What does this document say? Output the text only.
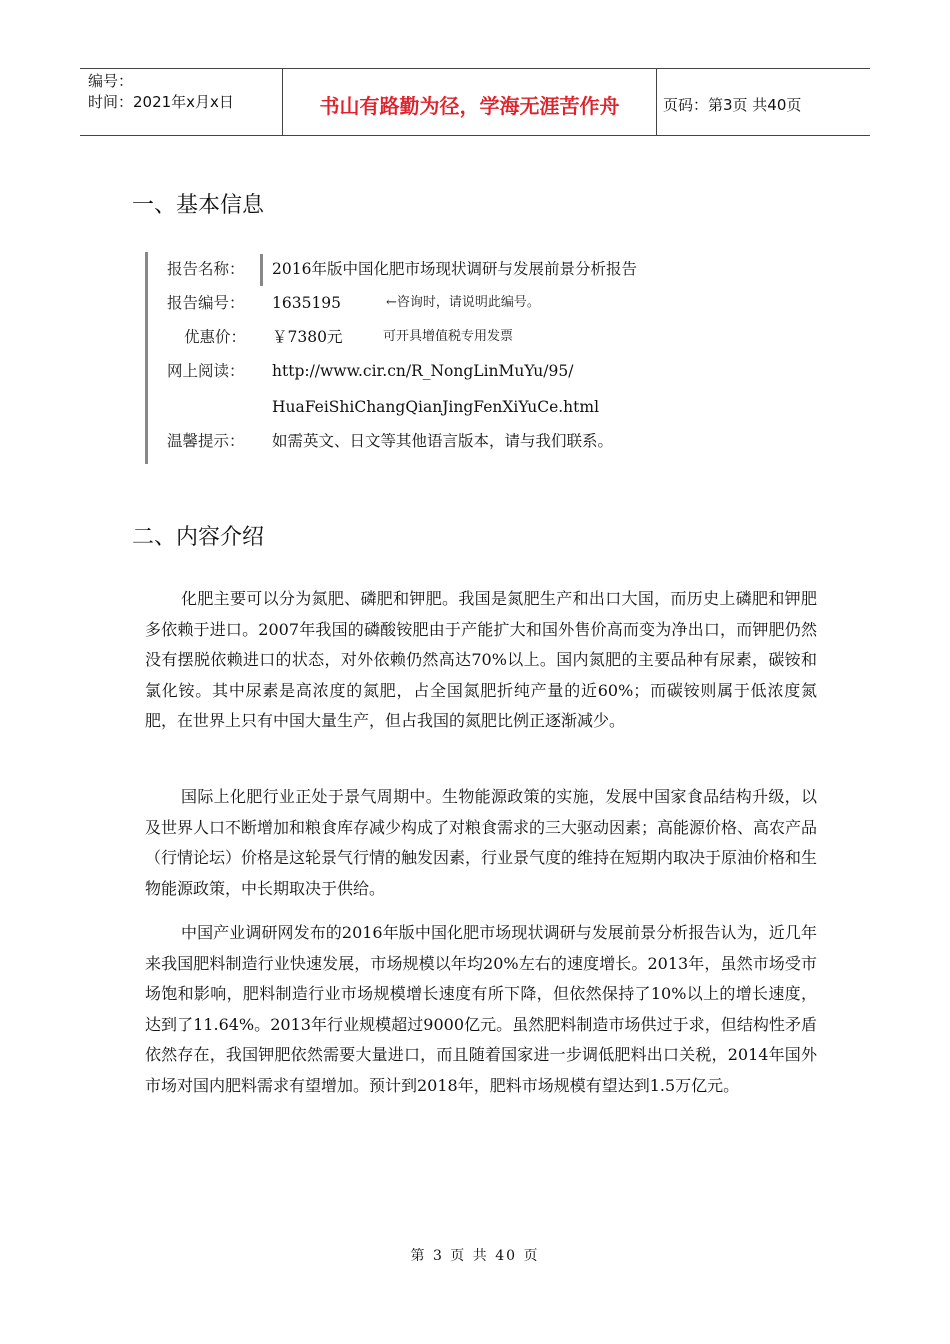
编号：
时间：2021年x月x日	书山有路勤为径，学海无涯苦作舟	页码：第3页 共40页
一、基本信息
报告名称：	2016年版中国化肥市场现状调研与发展前景分析报告
报告编号：	1635195	←咨询时，请说明此编号。
优惠价：	￥7380元	可开具增值税专用发票
网上阅读：	http://www.cir.cn/R_NongLinMuYu/95/
HuaFeiShiChangQianJingFenXiYuCe.html
温馨提示：	如需英文、日文等其他语言版本，请与我们联系。
二、内容介绍

化肥主要可以分为氮肥、磷肥和钾肥。我国是氮肥生产和出口大国，而历史上磷肥和钾肥多依赖于进口。2007年我国的磷酸铵肥由于产能扩大和国外售价高而变为净出口，而钾肥仍然没有摆脱依赖进口的状态，对外依赖仍然高达70%以上。国内氮肥的主要品种有尿素，碳铵和氯化铵。其中尿素是高浓度的氮肥，占全国氮肥折纯产量的近60%；而碳铵则属于低浓度氮肥，在世界上只有中国大量生产，但占我国的氮肥比例正逐渐减少。

国际上化肥行业正处于景气周期中。生物能源政策的实施，发展中国家食品结构升级，以及世界人口不断增加和粮食库存减少构成了对粮食需求的三大驱动因素；高能源价格、高农产品（行情论坛）价格是这轮景气行情的触发因素，行业景气度的维持在短期内取决于原油价格和生物能源政策，中长期取决于供给。

中国产业调研网发布的2016年版中国化肥市场现状调研与发展前景分析报告认为，近几年来我国肥料制造行业快速发展，市场规模以年均20%左右的速度增长。2013年，虽然市场受市场饱和影响，肥料制造行业市场规模增长速度有所下降，但依然保持了10%以上的增长速度，达到了11.64%。2013年行业规模超过9000亿元。虽然肥料制造市场供过于求，但结构性矛盾依然存在，我国钾肥依然需要大量进口，而且随着国家进一步调低肥料出口关税，2014年国外市场对国内肥料需求有望增加。预计到2018年，肥料市场规模有望达到1.5万亿元。

第 3 页 共 40 页
